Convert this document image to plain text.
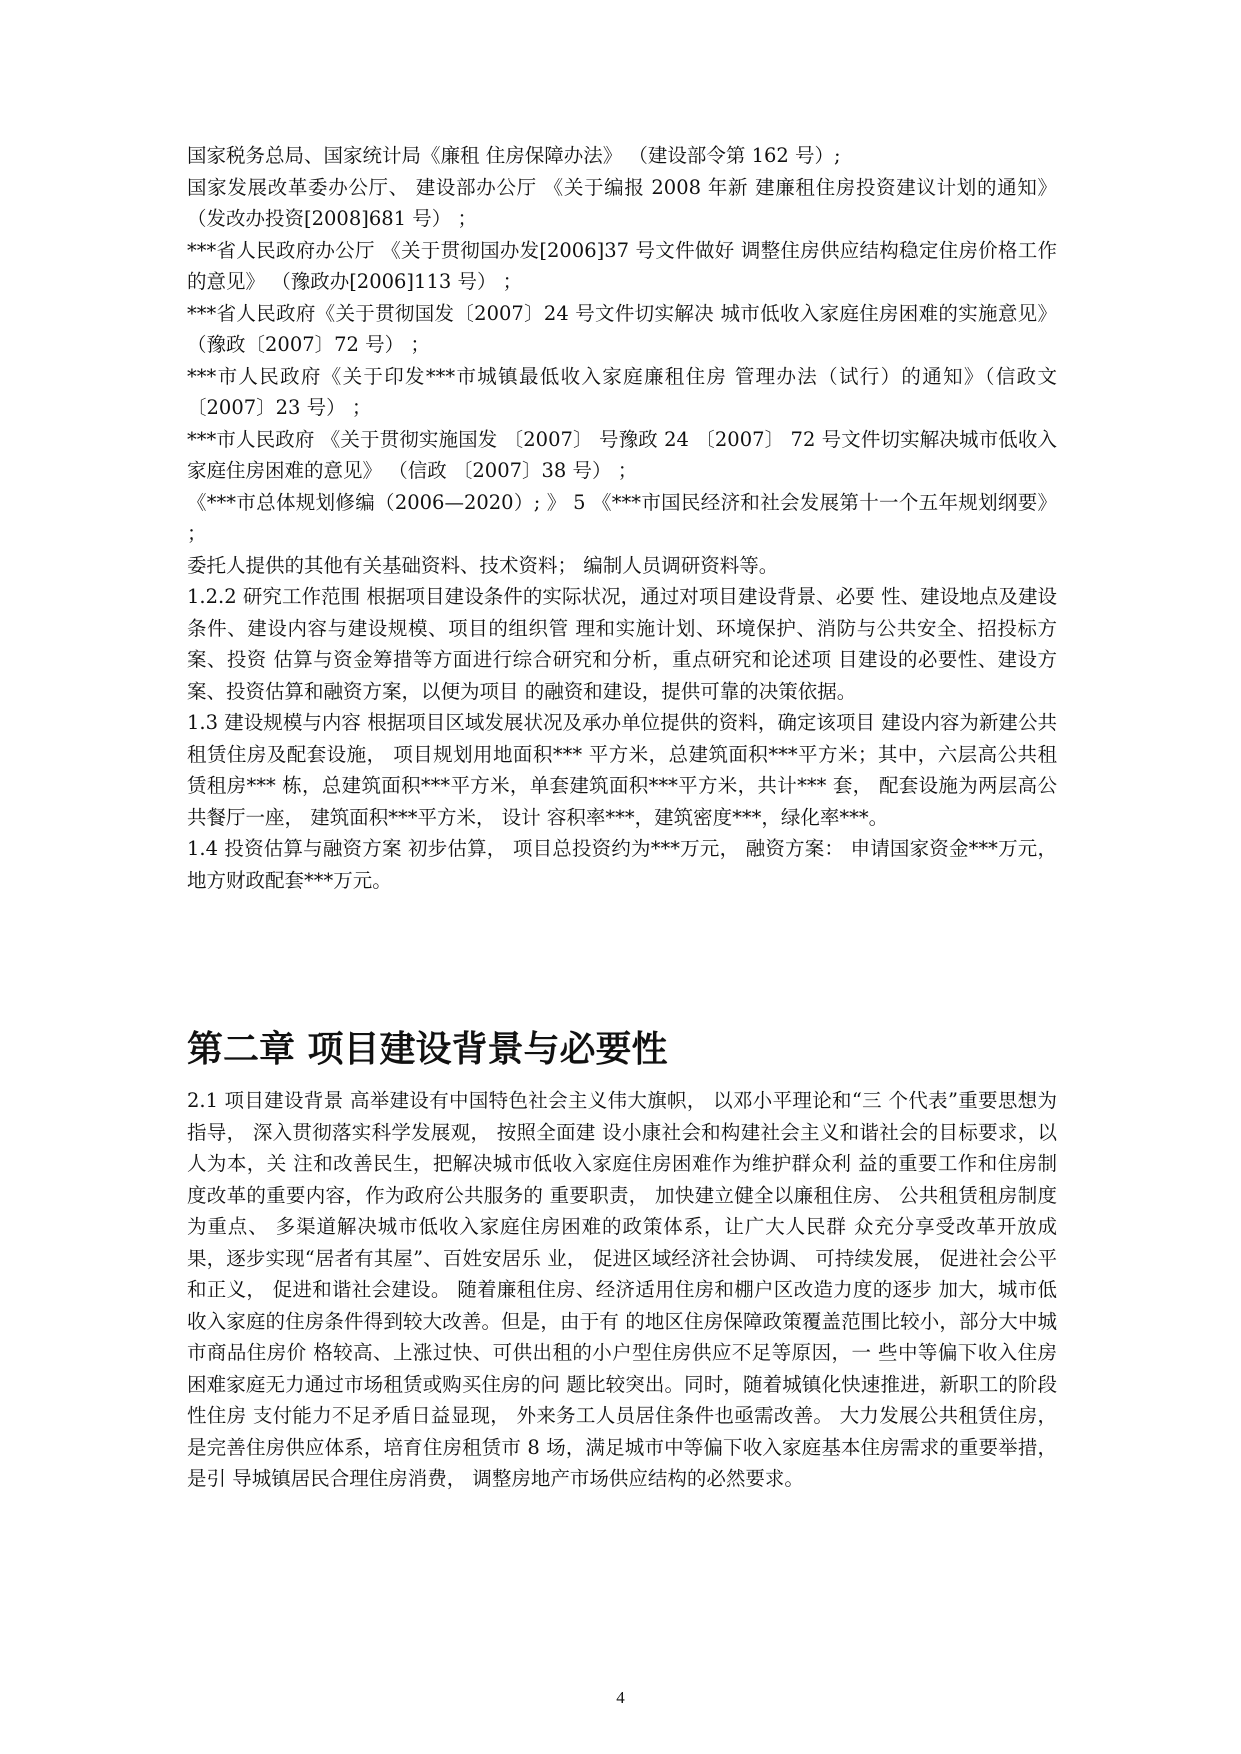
国家税务总局、国家统计局《廉租 住房保障办法》 （建设部令第 162 号）;

国家发展改革委办公厅、 建设部办公厅 《关于编报 2008 年新 建廉租住房投资建议计划的通知》 （发改办投资[2008]681 号） ；

***省人民政府办公厅 《关于贯彻国办发[2006]37 号文件做好 调整住房供应结构稳定住房价格工作的意见》 （豫政办[2006]113 号） ；

***省人民政府《关于贯彻国发〔2007〕24 号文件切实解决 城市低收入家庭住房困难的实施意见》 （豫政〔2007〕72 号） ；

***市人民政府《关于印发***市城镇最低收入家庭廉租住房 管理办法（试行）的通知》（信政文〔2007〕23 号） ；

***市人民政府 《关于贯彻实施国发 〔2007〕 号豫政 24 〔2007〕 72 号文件切实解决城市低收入家庭住房困难的意见》 （信政 〔2007〕38 号） ；

《***市总体规划修编（2006—2020）; 》 5 《***市国民经济和社会发展第十一个五年规划纲要》 ；

委托人提供的其他有关基础资料、技术资料； 编制人员调研资料等。

1.2.2 研究工作范围 根据项目建设条件的实际状况，通过对项目建设背景、必要 性、建设地点及建设条件、建设内容与建设规模、项目的组织管 理和实施计划、环境保护、消防与公共安全、招投标方案、投资 估算与资金筹措等方面进行综合研究和分析，重点研究和论述项 目建设的必要性、建设方案、投资估算和融资方案，以便为项目 的融资和建设，提供可靠的决策依据。

1.3 建设规模与内容 根据项目区域发展状况及承办单位提供的资料，确定该项目 建设内容为新建公共租赁住房及配套设施， 项目规划用地面积*** 平方米，总建筑面积***平方米；其中，六层高公共租赁租房*** 栋，总建筑面积***平方米，单套建筑面积***平方米，共计*** 套， 配套设施为两层高公共餐厅一座， 建筑面积***平方米， 设计 容积率***，建筑密度***，绿化率***。

1.4 投资估算与融资方案 初步估算， 项目总投资约为***万元， 融资方案： 申请国家资金***万元，地方财政配套***万元。

第二章 项目建设背景与必要性

2.1 项目建设背景 高举建设有中国特色社会主义伟大旗帜， 以邓小平理论和“三 个代表”重要思想为指导， 深入贯彻落实科学发展观， 按照全面建 设小康社会和构建社会主义和谐社会的目标要求，以人为本，关 注和改善民生，把解决城市低收入家庭住房困难作为维护群众利 益的重要工作和住房制度改革的重要内容，作为政府公共服务的 重要职责， 加快建立健全以廉租住房、 公共租赁租房制度为重点、 多渠道解决城市低收入家庭住房困难的政策体系，让广大人民群 众充分享受改革开放成果，逐步实现“居者有其屋”、百姓安居乐 业， 促进区域经济社会协调、 可持续发展， 促进社会公平和正义， 促进和谐社会建设。 随着廉租住房、经济适用住房和棚户区改造力度的逐步 加大，城市低收入家庭的住房条件得到较大改善。但是，由于有 的地区住房保障政策覆盖范围比较小，部分大中城市商品住房价 格较高、上涨过快、可供出租的小户型住房供应不足等原因，一 些中等偏下收入住房困难家庭无力通过市场租赁或购买住房的问 题比较突出。同时，随着城镇化快速推进，新职工的阶段性住房 支付能力不足矛盾日益显现， 外来务工人员居住条件也亟需改善。 大力发展公共租赁住房，是完善住房供应体系，培育住房租赁市 8 场，满足城市中等偏下收入家庭基本住房需求的重要举措，是引 导城镇居民合理住房消费， 调整房地产市场供应结构的必然要求。

4
